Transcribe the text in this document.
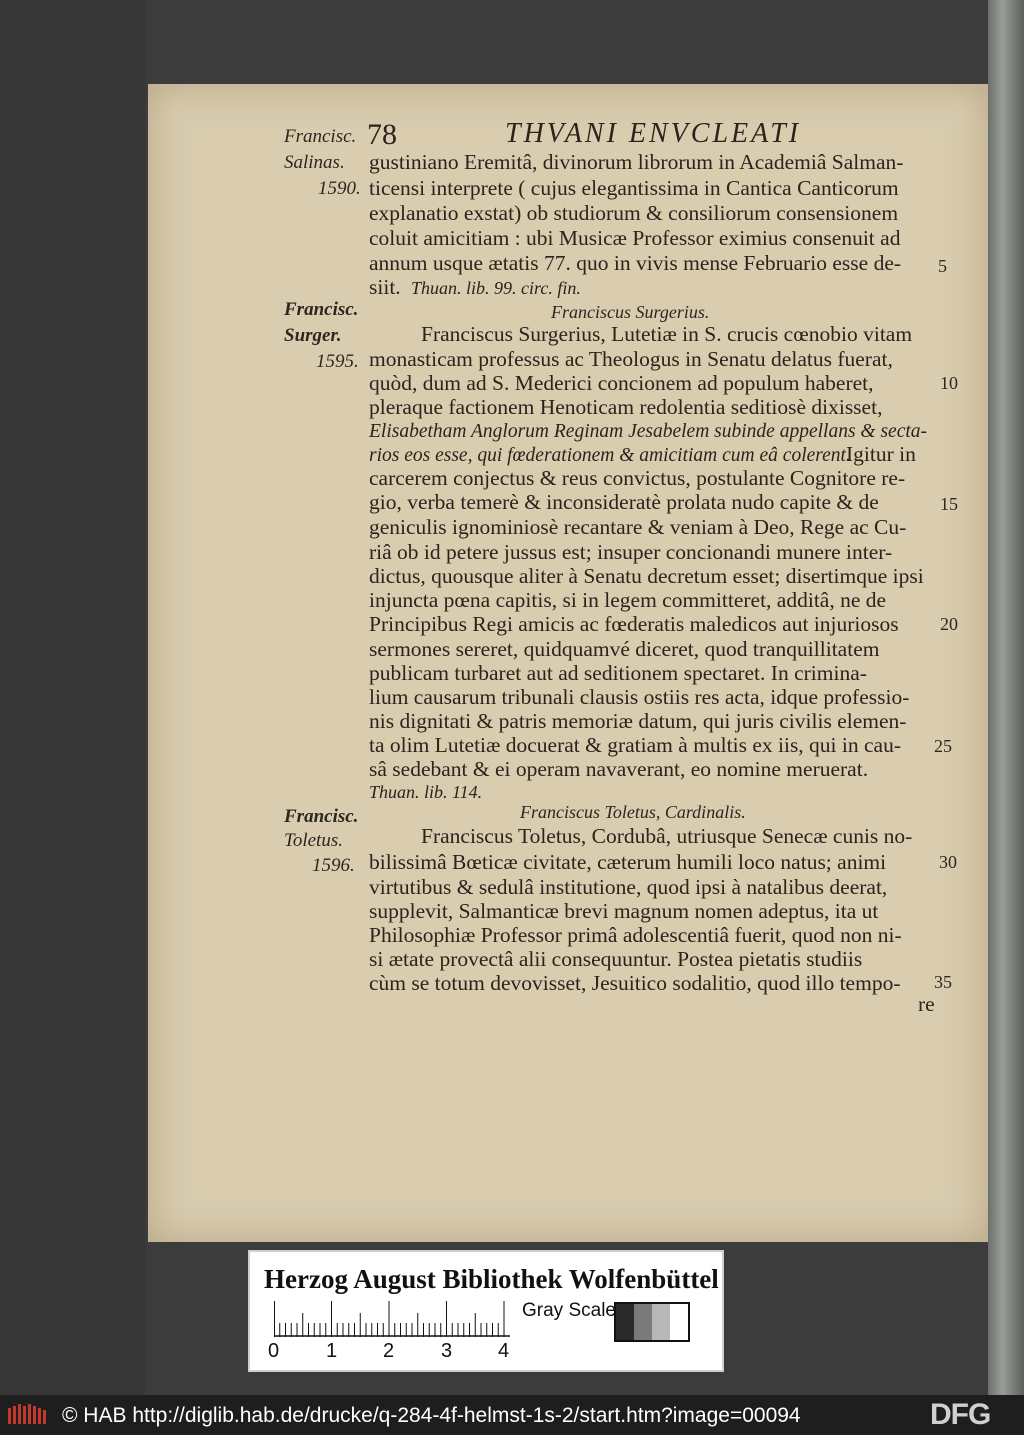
Francisc. 78	THVANI ENVCLEATI
Salinas.
1590.
Francisc.
Surger.
1595.
Francisc.
Toletus.
1596.
gustiniano Eremitâ, divinorum librorum in Academiâ Salman-
ticensi interprete ( cujus elegantissima in Cantica Canticorum
explanatio exstat) ob studiorum & consiliorum consensionem
coluit amicitiam : ubi Musicæ Professor eximius consenuit ad
annum usque ætatis 77. quo in vivis mense Februario esse de-
siit. Thuan. lib. 99. circ. fin.
Franciscus Surgerius.
Franciscus Surgerius, Lutetiæ in S. crucis cœnobio vitam
monasticam professus ac Theologus in Senatu delatus fuerat,
quòd, dum ad S. Mederici concionem ad populum haberet,
pleraque factionem Henoticam redolentia seditiosè dixisset,
Elisabetham Anglorum Reginam Jesabelem subinde appellans & secta-
rios eos esse, qui fœderationem & amicitiam cum eâ colerent.
Igitur in
carcerem conjectus & reus convictus, postulante Cognitore re-
gio, verba temerè & inconsideratè prolata nudo capite & de
geniculis ignominiosè recantare & veniam à Deo, Rege ac Cu-
riâ ob id petere jussus est; insuper concionandi munere inter-
dictus, quousque aliter à Senatu decretum esset; disertimque ipsi
injuncta pœna capitis, si in legem committeret, additâ, ne de
Principibus Regi amicis ac fœderatis maledicos aut injuriosos
sermones sereret, quidquamvé diceret, quod tranquillitatem
publicam turbaret aut ad seditionem spectaret. In crimina-
lium causarum tribunali clausis ostiis res acta, idque professio-
nis dignitati & patris memoriæ datum, qui juris civilis elemen-
ta olim Lutetiæ docuerat & gratiam à multis ex iis, qui in cau-
sâ sedebant & ei operam navaverant, eo nomine meruerat.
Thuan. lib. 114.
Franciscus Toletus, Cardinalis.
Franciscus Toletus, Cordubâ, utriusque Senecæ cunis no-
bilissimâ Bœticæ civitate, cæterum humili loco natus; animi
virtutibus & sedulâ institutione, quod ipsi à natalibus deerat,
supplevit, Salmanticæ brevi magnum nomen adeptus, ita ut
Philosophiæ Professor primâ adolescentiâ fuerit, quod non ni-
si ætate provectâ alii consequuntur. Postea pietatis studiis
cùm se totum devovisset, Jesuitico sodalitio, quod illo tempo-
re
5
10
15
20
25
30
35
Herzog August Bibliothek Wolfenbüttel
0 1 2 3 4
Gray Scale
© HAB http://diglib.hab.de/drucke/q-284-4f-helmst-1s-2/start.htm?image=00094	DFG
